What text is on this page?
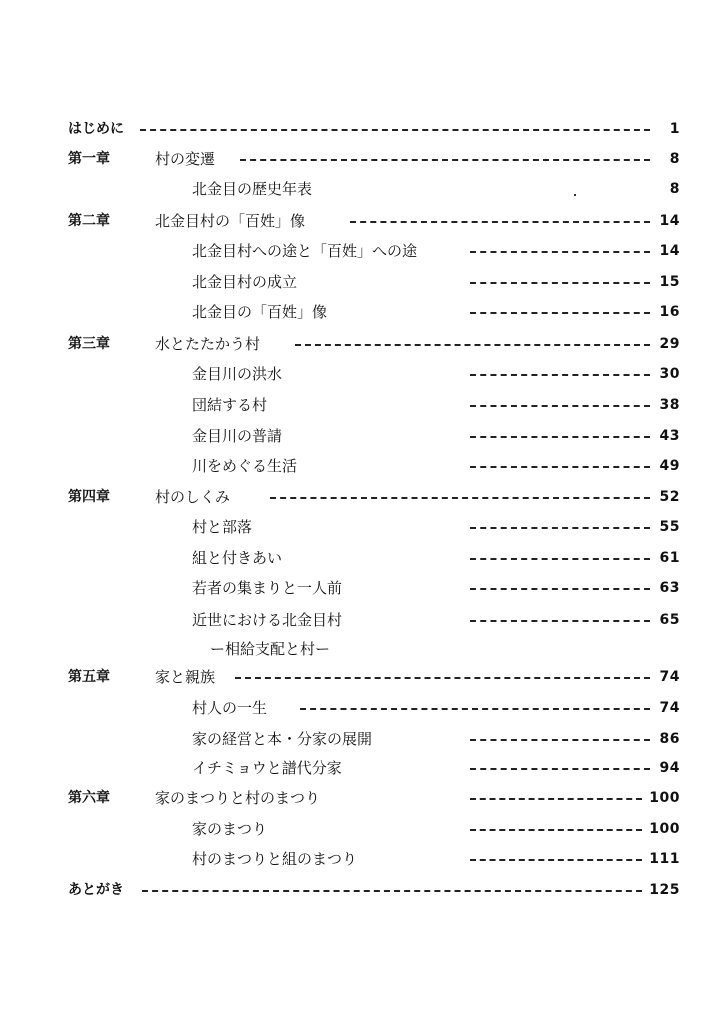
はじめに	1
第一章	村の変遷	8
北金目の歴史年表	8
第二章	北金目村の「百姓」像	14
北金目村への途と「百姓」への途	14
北金目村の成立	15
北金目の「百姓」像	16
第三章	水とたたかう村	29
金目川の洪水	30
団結する村	38
金目川の普請	43
川をめぐる生活	49
第四章	村のしくみ	52
村と部落	55
組と付きあい	61
若者の集まりと一人前	63
近世における北金目村	65
ー相給支配と村ー
第五章	家と親族	74
村人の一生	74
家の経営と本・分家の展開	86
イチミョウと譜代分家	94
第六章	家のまつりと村のまつり	100
家のまつり	100
村のまつりと組のまつり	111
あとがき	125
